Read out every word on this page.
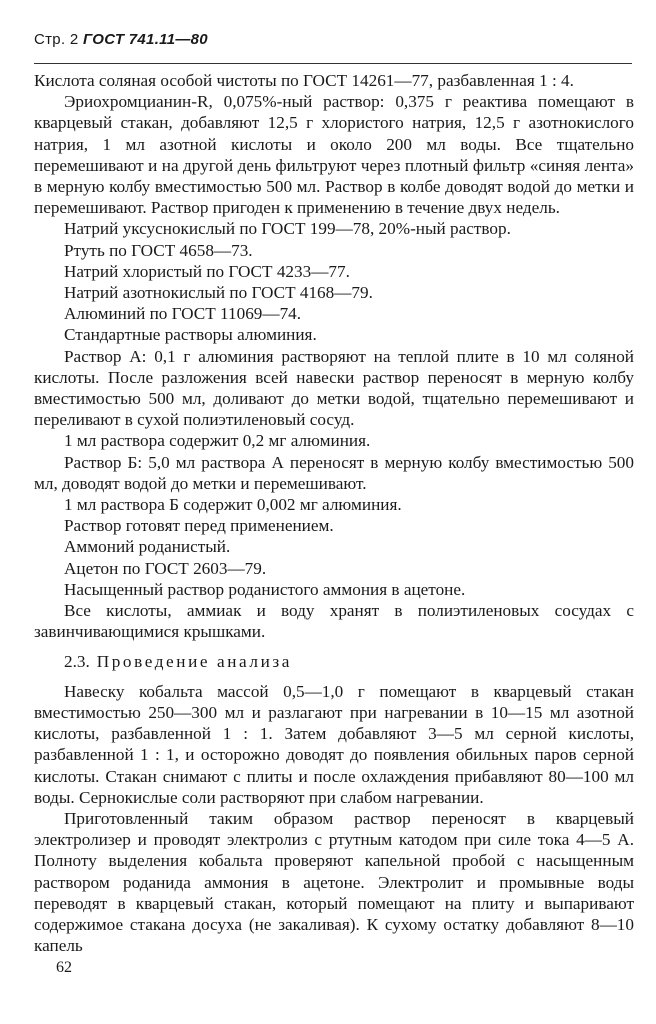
Стр. 2 ГОСТ 741.11—80

Кислота соляная особой чистоты по ГОСТ 14261—77, разбавленная 1 : 4.

Эриохромцианин-R, 0,075%-ный раствор: 0,375 г реактива помещают в кварцевый стакан, добавляют 12,5 г хлористого натрия, 12,5 г азотнокислого натрия, 1 мл азотной кислоты и около 200 мл воды. Все тщательно перемешивают и на другой день фильтруют через плотный фильтр «синяя лента» в мерную колбу вместимостью 500 мл. Раствор в колбе доводят водой до метки и перемешивают. Раствор пригоден к применению в течение двух недель.

Натрий уксуснокислый по ГОСТ 199—78, 20%-ный раствор.

Ртуть по ГОСТ 4658—73.

Натрий хлористый по ГОСТ 4233—77.

Натрий азотнокислый по ГОСТ 4168—79.

Алюминий по ГОСТ 11069—74.

Стандартные растворы алюминия.

Раствор А: 0,1 г алюминия растворяют на теплой плите в 10 мл соляной кислоты. После разложения всей навески раствор переносят в мерную колбу вместимостью 500 мл, доливают до метки водой, тщательно перемешивают и переливают в сухой полиэтиленовый сосуд.

1 мл раствора содержит 0,2 мг алюминия.

Раствор Б: 5,0 мл раствора А переносят в мерную колбу вместимостью 500 мл, доводят водой до метки и перемешивают.

1 мл раствора Б содержит 0,002 мг алюминия.

Раствор готовят перед применением.

Аммоний роданистый.

Ацетон по ГОСТ 2603—79.

Насыщенный раствор роданистого аммония в ацетоне.

Все кислоты, аммиак и воду хранят в полиэтиленовых сосудах с завинчивающимися крышками.

2.3. Проведение анализа

Навеску кобальта массой 0,5—1,0 г помещают в кварцевый стакан вместимостью 250—300 мл и разлагают при нагревании в 10—15 мл азотной кислоты, разбавленной 1 : 1. Затем добавляют 3—5 мл серной кислоты, разбавленной 1 : 1, и осторожно доводят до появления обильных паров серной кислоты. Стакан снимают с плиты и после охлаждения прибавляют 80—100 мл воды. Сернокислые соли растворяют при слабом нагревании.

Приготовленный таким образом раствор переносят в кварцевый электролизер и проводят электролиз с ртутным катодом при силе тока 4—5 А. Полноту выделения кобальта проверяют капельной пробой с насыщенным раствором роданида аммония в ацетоне. Электролит и промывные воды переводят в кварцевый стакан, который помещают на плиту и выпаривают содержимое стакана досуха (не закаливая). К сухому остатку добавляют 8—10 капель

62
